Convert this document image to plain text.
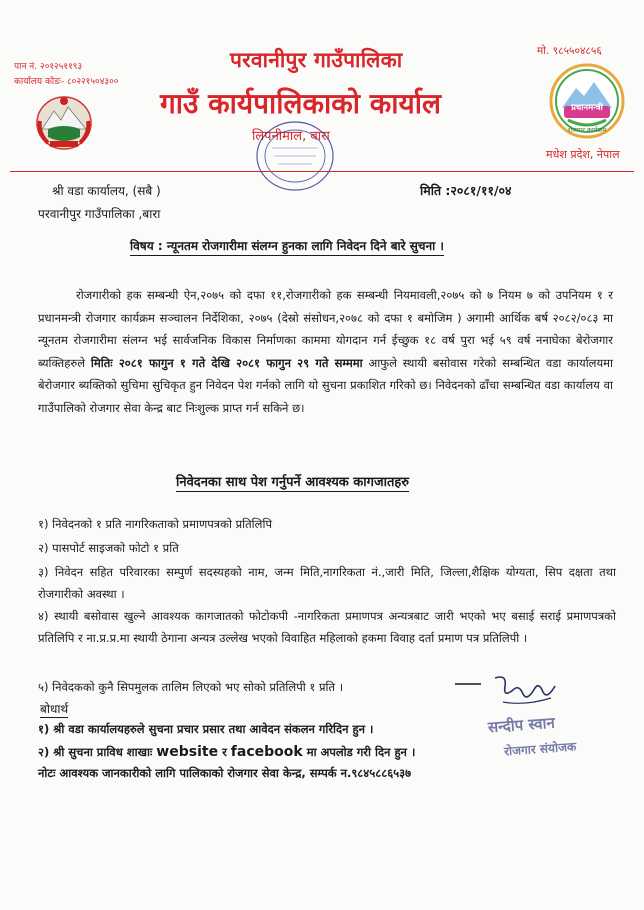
पान नं. २०१२५११९३
कार्यालय कोडः- ८०२२१५०४३००
मो. ९८५५०४८५६
प्रधानमन्त्री
रोजगार कार्यक्रम
परवानीपुर गाउँपालिका
गाउँ कार्यपालिकाको कार्याल
लिपनीमाल, बारा
मधेश प्रदेश, नेपाल
श्री वडा कार्यालय, (सबै )	मिति :२०८१/११/०४
परवानीपुर गाउँपालिका ,बारा
विषय : न्यूनतम रोजगारीमा संलग्न हुनका लागि निवेदन दिने बारे सुचना ।
रोजगारीको हक सम्बन्धी ऐन,२०७५ को दफा ११,रोजगारीको हक सम्बन्धी नियमावली,२०७५ को ७ नियम ७ को उपनियम १ र प्रधानमन्त्री रोजगार कार्यक्रम सञ्चालन निर्देशिका, २०७५ (देस्रो संसोधन,२०७८ को दफा १ बमोजिम ) अगामी आर्थिक बर्ष २०८२/०८३ मा न्यूनतम रोजगारीमा संलग्न भई सार्वजनिक विकास निर्माणका काममा योगदान गर्न ईच्छुक १८ वर्ष पुरा भई ५९ वर्ष ननाघेका बेरोजगार ब्यक्तिहरुले मितिः २०८१ फागुन १ गते देखि २०८१ फागुन २९ गते सम्ममा आफुले स्थायी बसोवास गरेको सम्बन्धित वडा कार्यालयमा बेरोजगार ब्यक्तिको सुचिमा सुचिकृत हुन निवेदन पेश गर्नको लागि यो सुचना प्रकाशित गरिको छ। निवेदनको ढाँचा सम्बन्धित वडा कार्यालय वा गाउँपालिको रोजगार सेवा केन्द्र बाट निःशुल्क प्राप्त गर्न सकिने छ।
निवेदनका साथ पेश गर्नुपर्ने आवश्यक कागजातहरु
१) निवेदनको १ प्रति नागरिकताको प्रमाणपत्रको प्रतिलिपि
२) पासपोर्ट साइजको फोटो १ प्रति
३) निवेदन सहित परिवारका सम्पुर्ण सदस्यहको नाम, जन्म मिति,नागरिकता नं.,जारी मिति, जिल्ला,शैक्षिक योग्यता, सिप दक्षता तथा रोजगारीको अवस्था ।
४) स्थायी बसोवास खुल्ने आवश्यक कागजातको फोटोकपी -नागरिकता प्रमाणपत्र अन्यत्रबाट जारी भएको भए बसाई सराई प्रमाणपत्रको प्रतिलिपि र ना.प्र.प्र.मा स्थायी ठेगाना अन्यत्र उल्लेख भएको विवाहित महिलाको हकमा विवाह दर्ता प्रमाण पत्र प्रतिलिपी ।
५) निवेदककाे कुनै सिपमुलक तालिम लिएको भए सोको प्रतिलिपी १ प्रति ।
बोधार्थ
१) श्री वडा कार्यालयहरुले सुचना प्रचार प्रसार तथा आवेदन संकलन गरिदिन हुन ।
२) श्री सुचना प्राविध शाखाः website र facebook मा अपलोड गरी दिन हुन ।
नोटः आवश्यक जानकारीको लागि पालिकाको रोजगार सेवा केन्द्र, सम्पर्क न.९८४५८८६५३७
सन्दीप स्वान
रोजगार संयोजक
